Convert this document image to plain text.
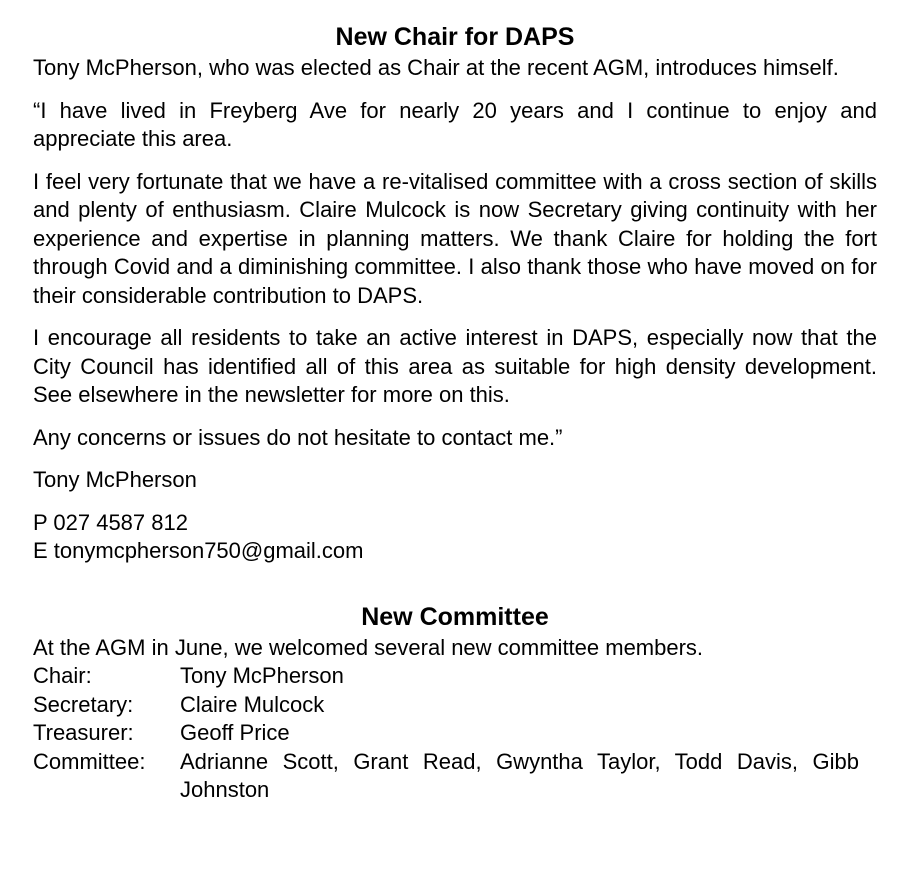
New Chair for DAPS

Tony McPherson, who was elected as Chair at the recent AGM, introduces himself.

“I have lived in Freyberg Ave for nearly 20 years and I continue to enjoy and appreciate this area.

I feel very fortunate that we have a re-vitalised committee with a cross section of skills and plenty of enthusiasm. Claire Mulcock is now Secretary giving continuity with her experience and expertise in planning matters. We thank Claire for holding the fort through Covid and a diminishing committee. I also thank those who have moved on for their considerable contribution to DAPS.

I encourage all residents to take an active interest in DAPS, especially now that the City Council has identified all of this area as suitable for high density development. See elsewhere in the newsletter for more on this.

Any concerns or issues do not hesitate to contact me.”

Tony McPherson

P 027 4587 812

E tonymcpherson750@gmail.com

New Committee

At the AGM in June, we welcomed several new committee members.

Chair:	Tony McPherson
Secretary:	Claire Mulcock
Treasurer:	Geoff Price
Committee:	Adrianne Scott, Grant Read, Gwyntha Taylor, Todd Davis, Gibb Johnston
